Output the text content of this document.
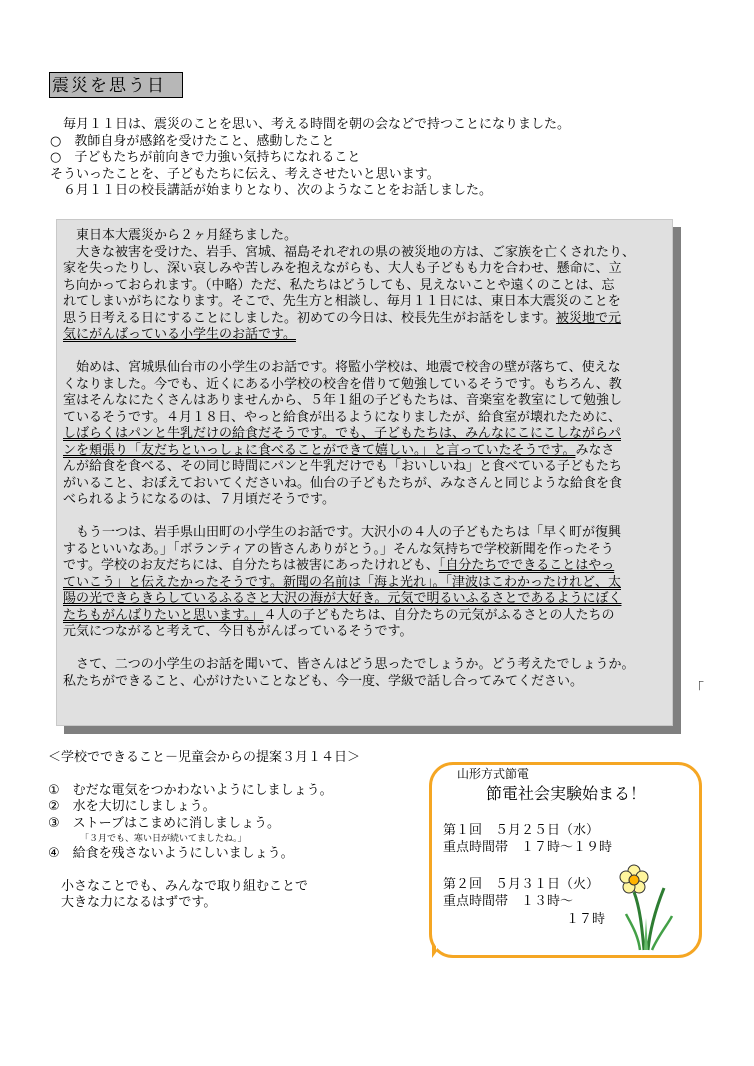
震災を思う日
　毎月１１日は、震災のことを思い、考える時間を朝の会などで持つことになりました。
○　教師自身が感銘を受けたこと、感動したこと
○　子どもたちが前向きで力強い気持ちになれること
そういったことを、子どもたちに伝え、考えさせたいと思います。
　６月１１日の校長講話が始まりとなり、次のようなことをお話しました。

　東日本大震災から２ヶ月経ちました。

　大きな被害を受けた、岩手、宮城、福島それぞれの県の被災地の方は、ご家族を亡くされたり、

家を失ったりし、深い哀しみや苦しみを抱えながらも、大人も子どもも力を合わせ、懸命に、立

ち向かっておられます。（中略）ただ、私たちはどうしても、見えないことや遠くのことは、忘

れてしまいがちになります。そこで、先生方と相談し、毎月１１日には、東日本大震災のことを

思う日考える日にすることにしました。初めての今日は、校長先生がお話をします。被災地で元

気にがんばっている小学生のお話です。

　始めは、宮城県仙台市の小学生のお話です。将監小学校は、地震で校舎の壁が落ちて、使えな

くなりました。今でも、近くにある小学校の校舎を借りて勉強しているそうです。もちろん、教

室はそんなにたくさんはありませんから、５年１組の子どもたちは、音楽室を教室にして勉強し

ているそうです。４月１８日、やっと給食が出るようになりましたが、給食室が壊れたために、

しばらくはパンと牛乳だけの給食だそうです。でも、子どもたちは、みんなにこにこしながらパ

ンを頬張り「友だちといっしょに食べることができて嬉しい。」と言っていたそうです。みなさ

んが給食を食べる、その同じ時間にパンと牛乳だけでも「おいしいね」と食べている子どもたち

がいること、おぼえておいてくださいね。仙台の子どもたちが、みなさんと同じような給食を食

べられるようになるのは、７月頃だそうです。

　もう一つは、岩手県山田町の小学生のお話です。大沢小の４人の子どもたちは「早く町が復興

するといいなあ。」「ボランティアの皆さんありがとう。」そんな気持ちで学校新聞を作ったそう

です。学校のお友だちには、自分たちは被害にあったけれども、「自分たちでできることはやっ

ていこう」と伝えたかったそうです。新聞の名前は「海よ光れ」。「津波はこわかったけれど、太

陽の光できらきらしているふるさと大沢の海が大好き。元気で明るいふるさとであるようにぼく

たちもがんばりたいと思います。」４人の子どもたちは、自分たちの元気がふるさとの人たちの

元気につながると考えて、今日もがんばっているそうです。

　さて、二つの小学生のお話を聞いて、皆さんはどう思ったでしょうか。どう考えたでしょうか。

私たちができること、心がけたいことなども、今一度、学級で話し合ってみてください。	「
＜学校でできること－児童会からの提案３月１４日＞
①　むだな電気をつかわないようにしましょう。
②　水を大切にしましょう。
③　ストーブはこまめに消しましょう。
「３月でも、寒い日が続いてましたね。」
④　給食を残さないようにしいましょう。
　小さなことでも、みんなで取り組むことで
　大きな力になるはずです。
山形方式節電
節電社会実験始まる！
第１回　５月２５日（水）
重点時間帯　１７時～１９時
第２回　５月３１日（火）
重点時間帯　１３時～
１７時
